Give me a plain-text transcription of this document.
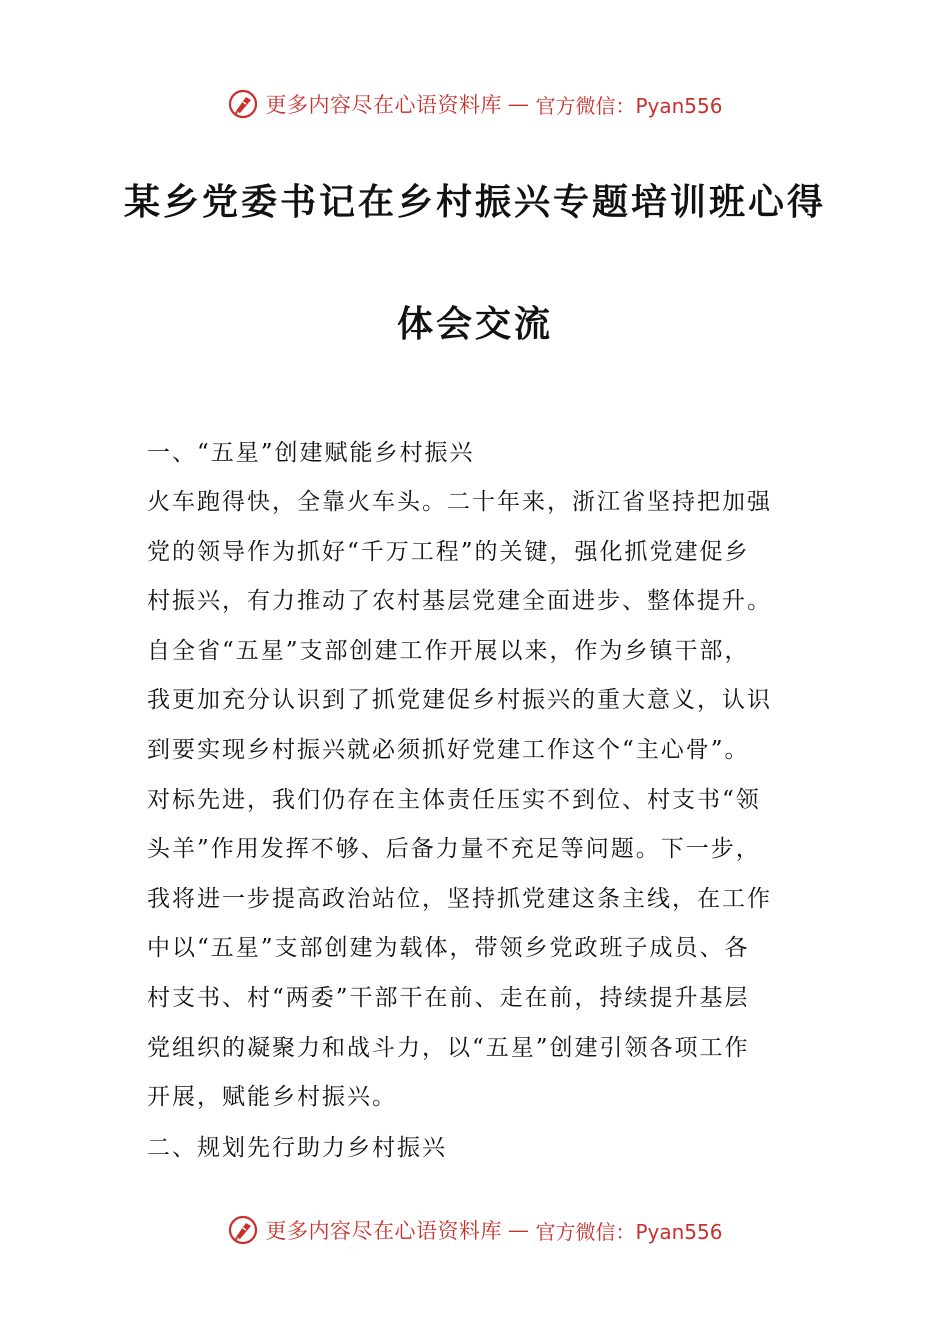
更多内容尽在心语资料库 — 官方微信：Pyan556
某乡党委书记在乡村振兴专题培训班心得
体会交流

一、“五星”创建赋能乡村振兴

火车跑得快，全靠火车头。二十年来，浙江省坚持把加强
党的领导作为抓好“千万工程”的关键，强化抓党建促乡
村振兴，有力推动了农村基层党建全面进步、整体提升。
自全省“五星”支部创建工作开展以来，作为乡镇干部，
我更加充分认识到了抓党建促乡村振兴的重大意义，认识
到要实现乡村振兴就必须抓好党建工作这个“主心骨”。
对标先进，我们仍存在主体责任压实不到位、村支书“领
头羊”作用发挥不够、后备力量不充足等问题。下一步，
我将进一步提高政治站位，坚持抓党建这条主线，在工作
中以“五星”支部创建为载体，带领乡党政班子成员、各
村支书、村“两委”干部干在前、走在前，持续提升基层
党组织的凝聚力和战斗力，以“五星”创建引领各项工作
开展，赋能乡村振兴。

二、规划先行助力乡村振兴

更多内容尽在心语资料库 — 官方微信：Pyan556
